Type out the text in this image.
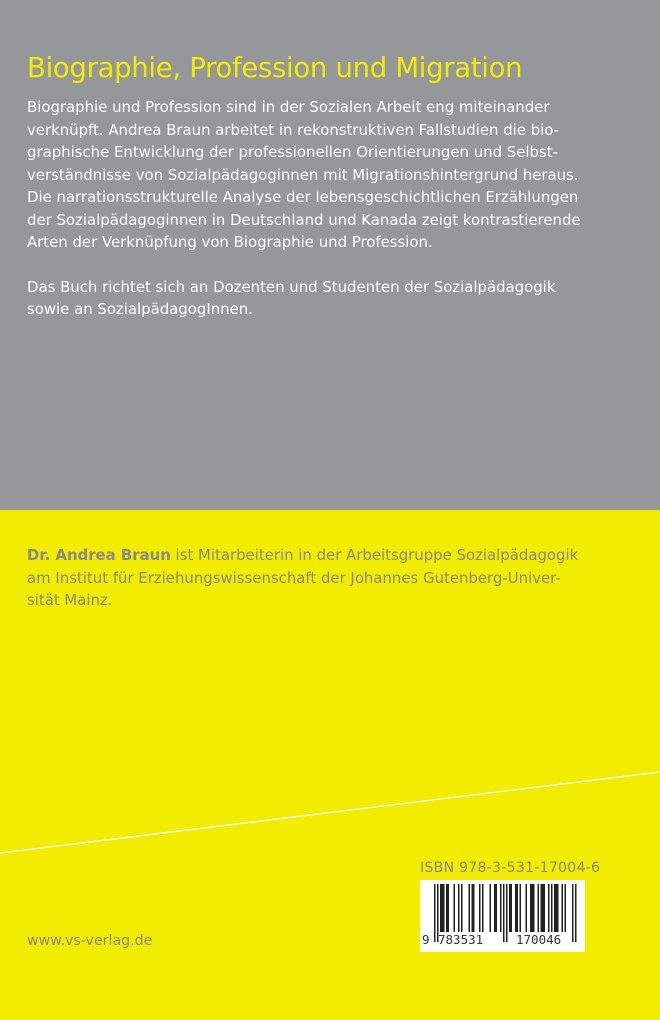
Biographie, Profession und Migration

Biographie und Profession sind in der Sozialen Arbeit eng miteinander

verknüpft. Andrea Braun arbeitet in rekonstruktiven Fallstudien die bio-

graphische Entwicklung der professionellen Orientierungen und Selbst-

verständnisse von Sozialpädagoginnen mit Migrationshintergrund heraus.

Die narrationsstrukturelle Analyse der lebensgeschichtlichen Erzählungen

der Sozialpädagoginnen in Deutschland und Kanada zeigt kontrastierende

Arten der Verknüpfung von Biographie und Profession.

Das Buch richtet sich an Dozenten und Studenten der Sozialpädagogik

sowie an SozialpädagogInnen.

Dr. Andrea Braun ist Mitarbeiterin in der Arbeitsgruppe Sozialpädagogik

am Institut für Erziehungswissenschaft der Johannes Gutenberg-Univer-

sität Mainz.

ISBN 978-3-531-17004-6
9 783531	170046
www.vs-verlag.de
